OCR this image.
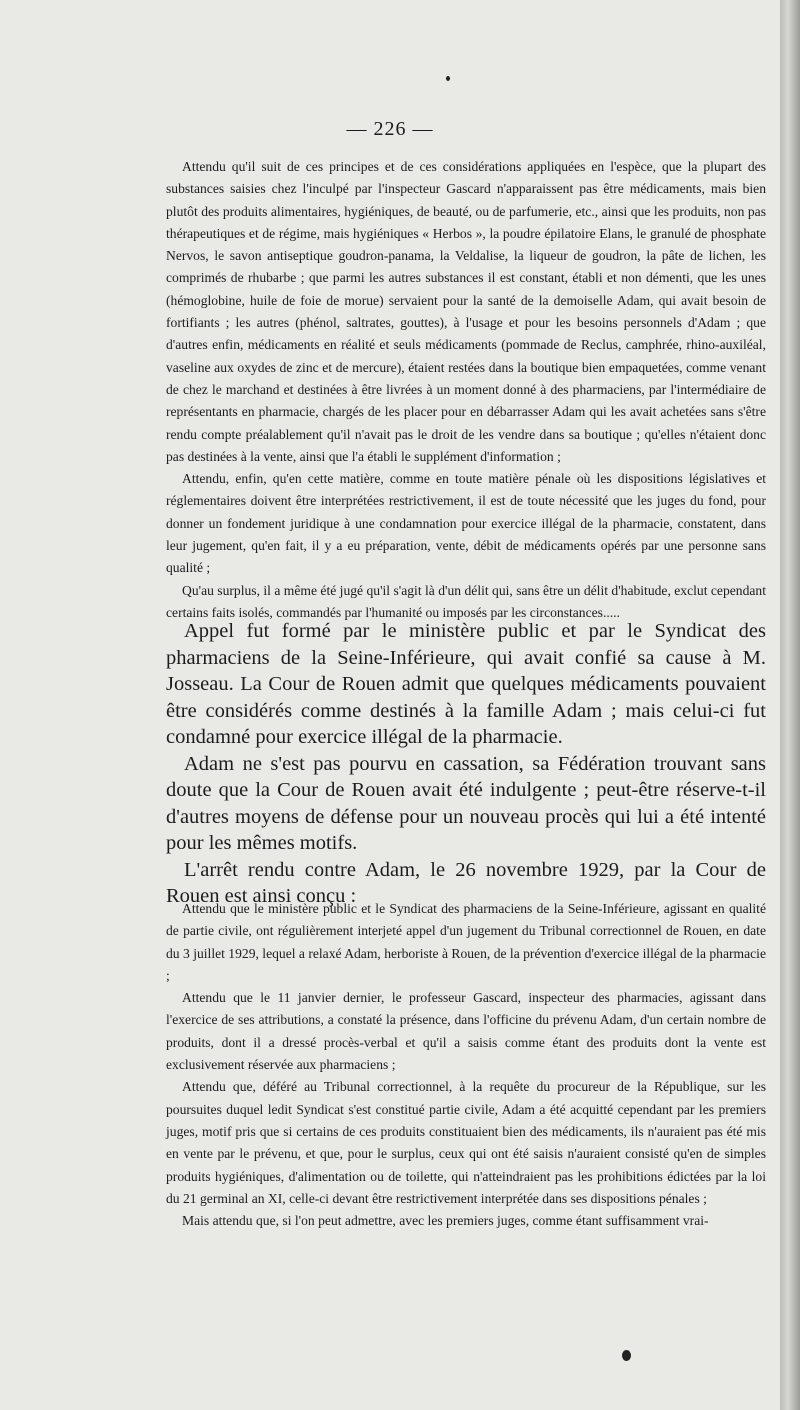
— 226 —

Attendu qu'il suit de ces principes et de ces considérations appliquées en l'espèce, que la plupart des substances saisies chez l'inculpé par l'inspecteur Gascard n'apparaissent pas être médicaments, mais bien plutôt des produits alimentaires, hygiéniques, de beauté, ou de parfumerie, etc., ainsi que les produits, non pas thérapeutiques et de régime, mais hygiéniques « Herbos », la poudre épilatoire Elans, le granulé de phosphate Nervos, le savon antiseptique goudron-panama, la Veldalise, la liqueur de goudron, la pâte de lichen, les comprimés de rhubarbe ; que parmi les autres substances il est constant, établi et non démenti, que les unes (hémoglobine, huile de foie de morue) servaient pour la santé de la demoiselle Adam, qui avait besoin de fortifiants ; les autres (phénol, saltrates, gouttes), à l'usage et pour les besoins personnels d'Adam ; que d'autres enfin, médicaments en réalité et seuls médicaments (pommade de Reclus, camphrée, rhino-auxiléal, vaseline aux oxydes de zinc et de mercure), étaient restées dans la boutique bien empaquetées, comme venant de chez le marchand et destinées à être livrées à un moment donné à des pharmaciens, par l'intermédiaire de représentants en pharmacie, chargés de les placer pour en débarrasser Adam qui les avait achetées sans s'être rendu compte préalablement qu'il n'avait pas le droit de les vendre dans sa boutique ; qu'elles n'étaient donc pas destinées à la vente, ainsi que l'a établi le supplément d'information ;

Attendu, enfin, qu'en cette matière, comme en toute matière pénale où les dispositions législatives et réglementaires doivent être interprétées restrictivement, il est de toute nécessité que les juges du fond, pour donner un fondement juridique à une condamnation pour exercice illégal de la pharmacie, constatent, dans leur jugement, qu'en fait, il y a eu préparation, vente, débit de médicaments opérés par une personne sans qualité ;

Qu'au surplus, il a même été jugé qu'il s'agit là d'un délit qui, sans être un délit d'habitude, exclut cependant certains faits isolés, commandés par l'humanité ou imposés par les circonstances.....

Appel fut formé par le ministère public et par le Syndicat des pharmaciens de la Seine-Inférieure, qui avait confié sa cause à M. Josseau. La Cour de Rouen admit que quelques médicaments pouvaient être considérés comme destinés à la famille Adam ; mais celui-ci fut condamné pour exercice illégal de la pharmacie.

Adam ne s'est pas pourvu en cassation, sa Fédération trouvant sans doute que la Cour de Rouen avait été indulgente ; peut-être réserve-t-il d'autres moyens de défense pour un nouveau procès qui lui a été intenté pour les mêmes motifs.

L'arrêt rendu contre Adam, le 26 novembre 1929, par la Cour de Rouen est ainsi conçu :

Attendu que le ministère public et le Syndicat des pharmaciens de la Seine-Inférieure, agissant en qualité de partie civile, ont régulièrement interjeté appel d'un jugement du Tribunal correctionnel de Rouen, en date du 3 juillet 1929, lequel a relaxé Adam, herboriste à Rouen, de la prévention d'exercice illégal de la pharmacie ;

Attendu que le 11 janvier dernier, le professeur Gascard, inspecteur des pharmacies, agissant dans l'exercice de ses attributions, a constaté la présence, dans l'officine du prévenu Adam, d'un certain nombre de produits, dont il a dressé procès-verbal et qu'il a saisis comme étant des produits dont la vente est exclusivement réservée aux pharmaciens ;

Attendu que, déféré au Tribunal correctionnel, à la requête du procureur de la République, sur les poursuites duquel ledit Syndicat s'est constitué partie civile, Adam a été acquitté cependant par les premiers juges, motif pris que si certains de ces produits constituaient bien des médicaments, ils n'auraient pas été mis en vente par le prévenu, et que, pour le surplus, ceux qui ont été saisis n'auraient consisté qu'en de simples produits hygiéniques, d'alimentation ou de toilette, qui n'atteindraient pas les prohibitions édictées par la loi du 21 germinal an XI, celle-ci devant être restrictivement interprétée dans ses dispositions pénales ;

Mais attendu que, si l'on peut admettre, avec les premiers juges, comme étant suffisamment vrai-
